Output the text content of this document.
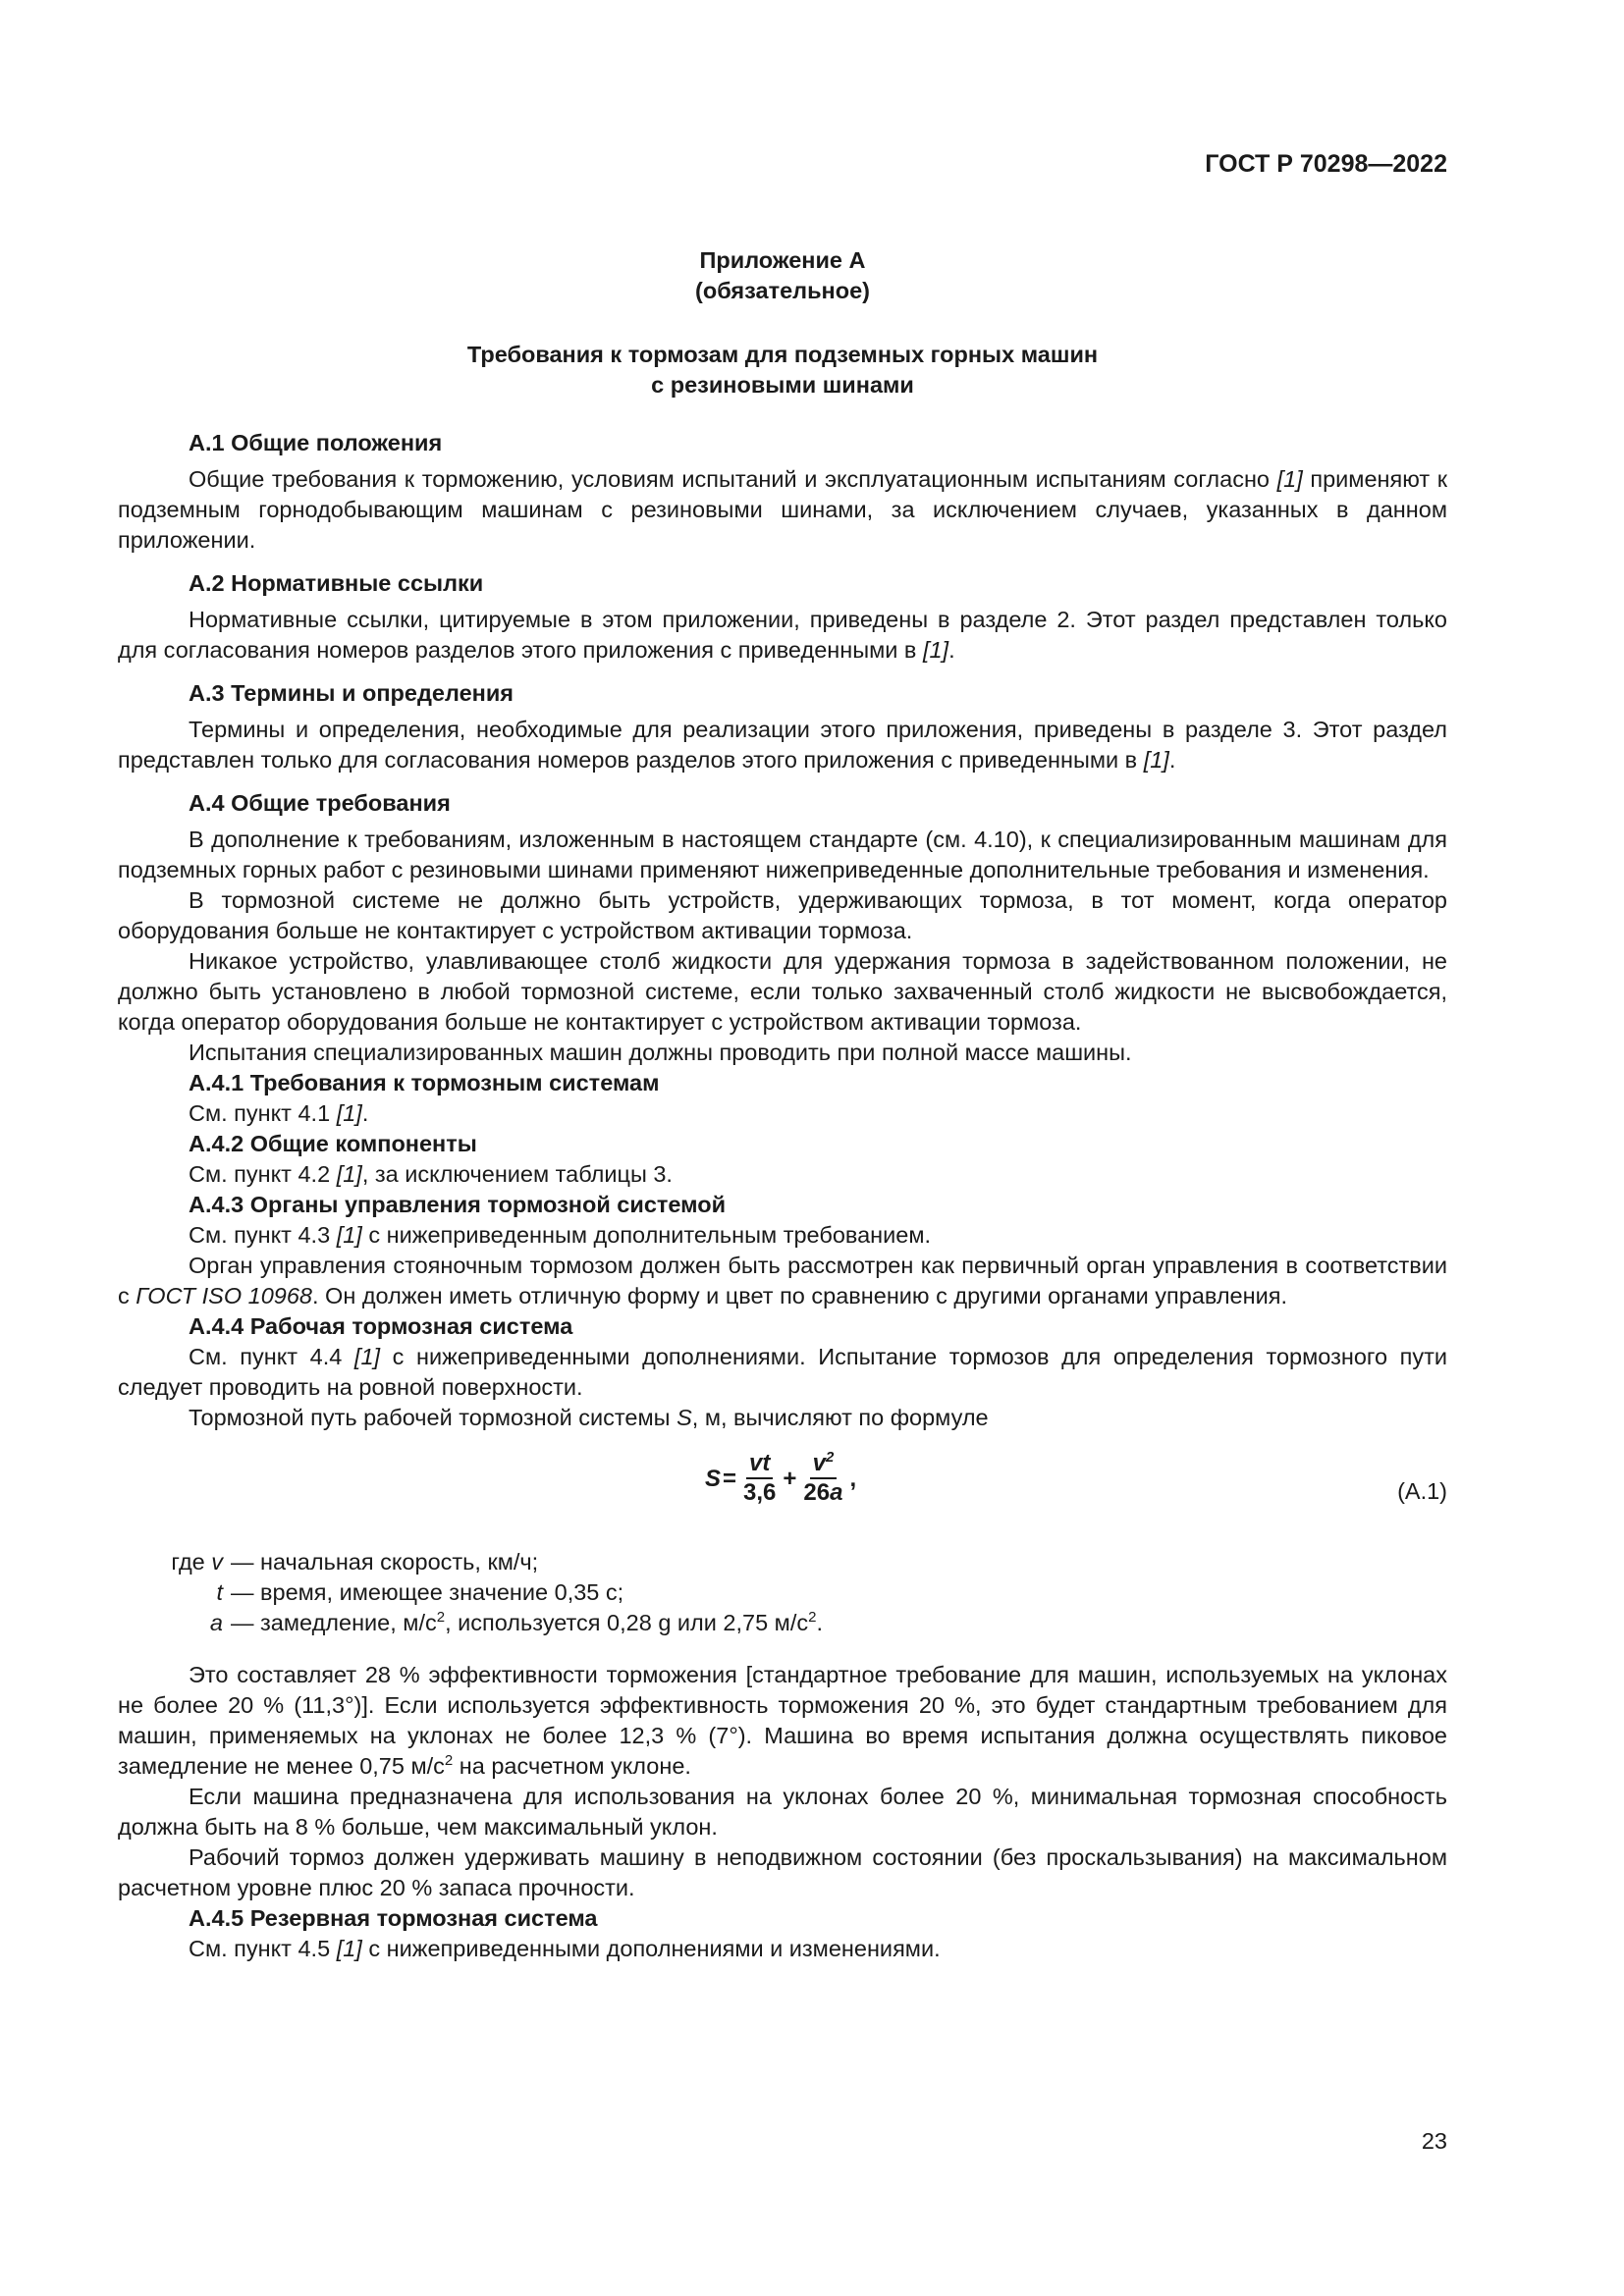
ГОСТ Р 70298—2022
Приложение А
(обязательное)
Требования к тормозам для подземных горных машин
с резиновыми шинами

А.1 Общие положения

Общие требования к торможению, условиям испытаний и эксплуатационным испытаниям согласно [1] применяют к подземным горнодобывающим машинам с резиновыми шинами, за исключением случаев, указанных в данном приложении.

А.2 Нормативные ссылки

Нормативные ссылки, цитируемые в этом приложении, приведены в разделе 2. Этот раздел представлен только для согласования номеров разделов этого приложения с приведенными в [1].

А.3 Термины и определения

Термины и определения, необходимые для реализации этого приложения, приведены в разделе 3. Этот раздел представлен только для согласования номеров разделов этого приложения с приведенными в [1].

А.4 Общие требования

В дополнение к требованиям, изложенным в настоящем стандарте (см. 4.10), к специализированным машинам для подземных горных работ с резиновыми шинами применяют нижеприведенные дополнительные требования и изменения.

В тормозной системе не должно быть устройств, удерживающих тормоза, в тот момент, когда оператор оборудования больше не контактирует с устройством активации тормоза.

Никакое устройство, улавливающее столб жидкости для удержания тормоза в задействованном положении, не должно быть установлено в любой тормозной системе, если только захваченный столб жидкости не высвобождается, когда оператор оборудования больше не контактирует с устройством активации тормоза.

Испытания специализированных машин должны проводить при полной массе машины.

А.4.1 Требования к тормозным системам

См. пункт 4.1 [1].

А.4.2 Общие компоненты

См. пункт 4.2 [1], за исключением таблицы 3.

А.4.3 Органы управления тормозной системой

См. пункт 4.3 [1] с нижеприведенным дополнительным требованием.

Орган управления стояночным тормозом должен быть рассмотрен как первичный орган управления в соответствии с ГОСТ ISO 10968. Он должен иметь отличную форму и цвет по сравнению с другими органами управления.

А.4.4 Рабочая тормозная система

См. пункт 4.4 [1] с нижеприведенными дополнениями. Испытание тормозов для определения тормозного пути следует проводить на ровной поверхности.

Тормозной путь рабочей тормозной системы S, м, вычисляют по формуле

$S = \frac{vt}{3,6} + \frac{v^2}{26a}$ ,	(А.1)
где v — начальная скорость, км/ч;
t — время, имеющее значение 0,35 с;
a — замедление, $м/с^2$, используется 0,28 g или 2,75 $м/с^2$.

Это составляет 28 % эффективности торможения [стандартное требование для машин, используемых на уклонах не более 20 % (11,3°)]. Если используется эффективность торможения 20 %, это будет стандартным требованием для машин, применяемых на уклонах не более 12,3 % (7°). Машина во время испытания должна осуществлять пиковое замедление не менее 0,75 $м/с^2$ на расчетном уклоне.

Если машина предназначена для использования на уклонах более 20 %, минимальная тормозная способность должна быть на 8 % больше, чем максимальный уклон.

Рабочий тормоз должен удерживать машину в неподвижном состоянии (без проскальзывания) на максимальном расчетном уровне плюс 20 % запаса прочности.

А.4.5 Резервная тормозная система

См. пункт 4.5 [1] с нижеприведенными дополнениями и изменениями.

23
